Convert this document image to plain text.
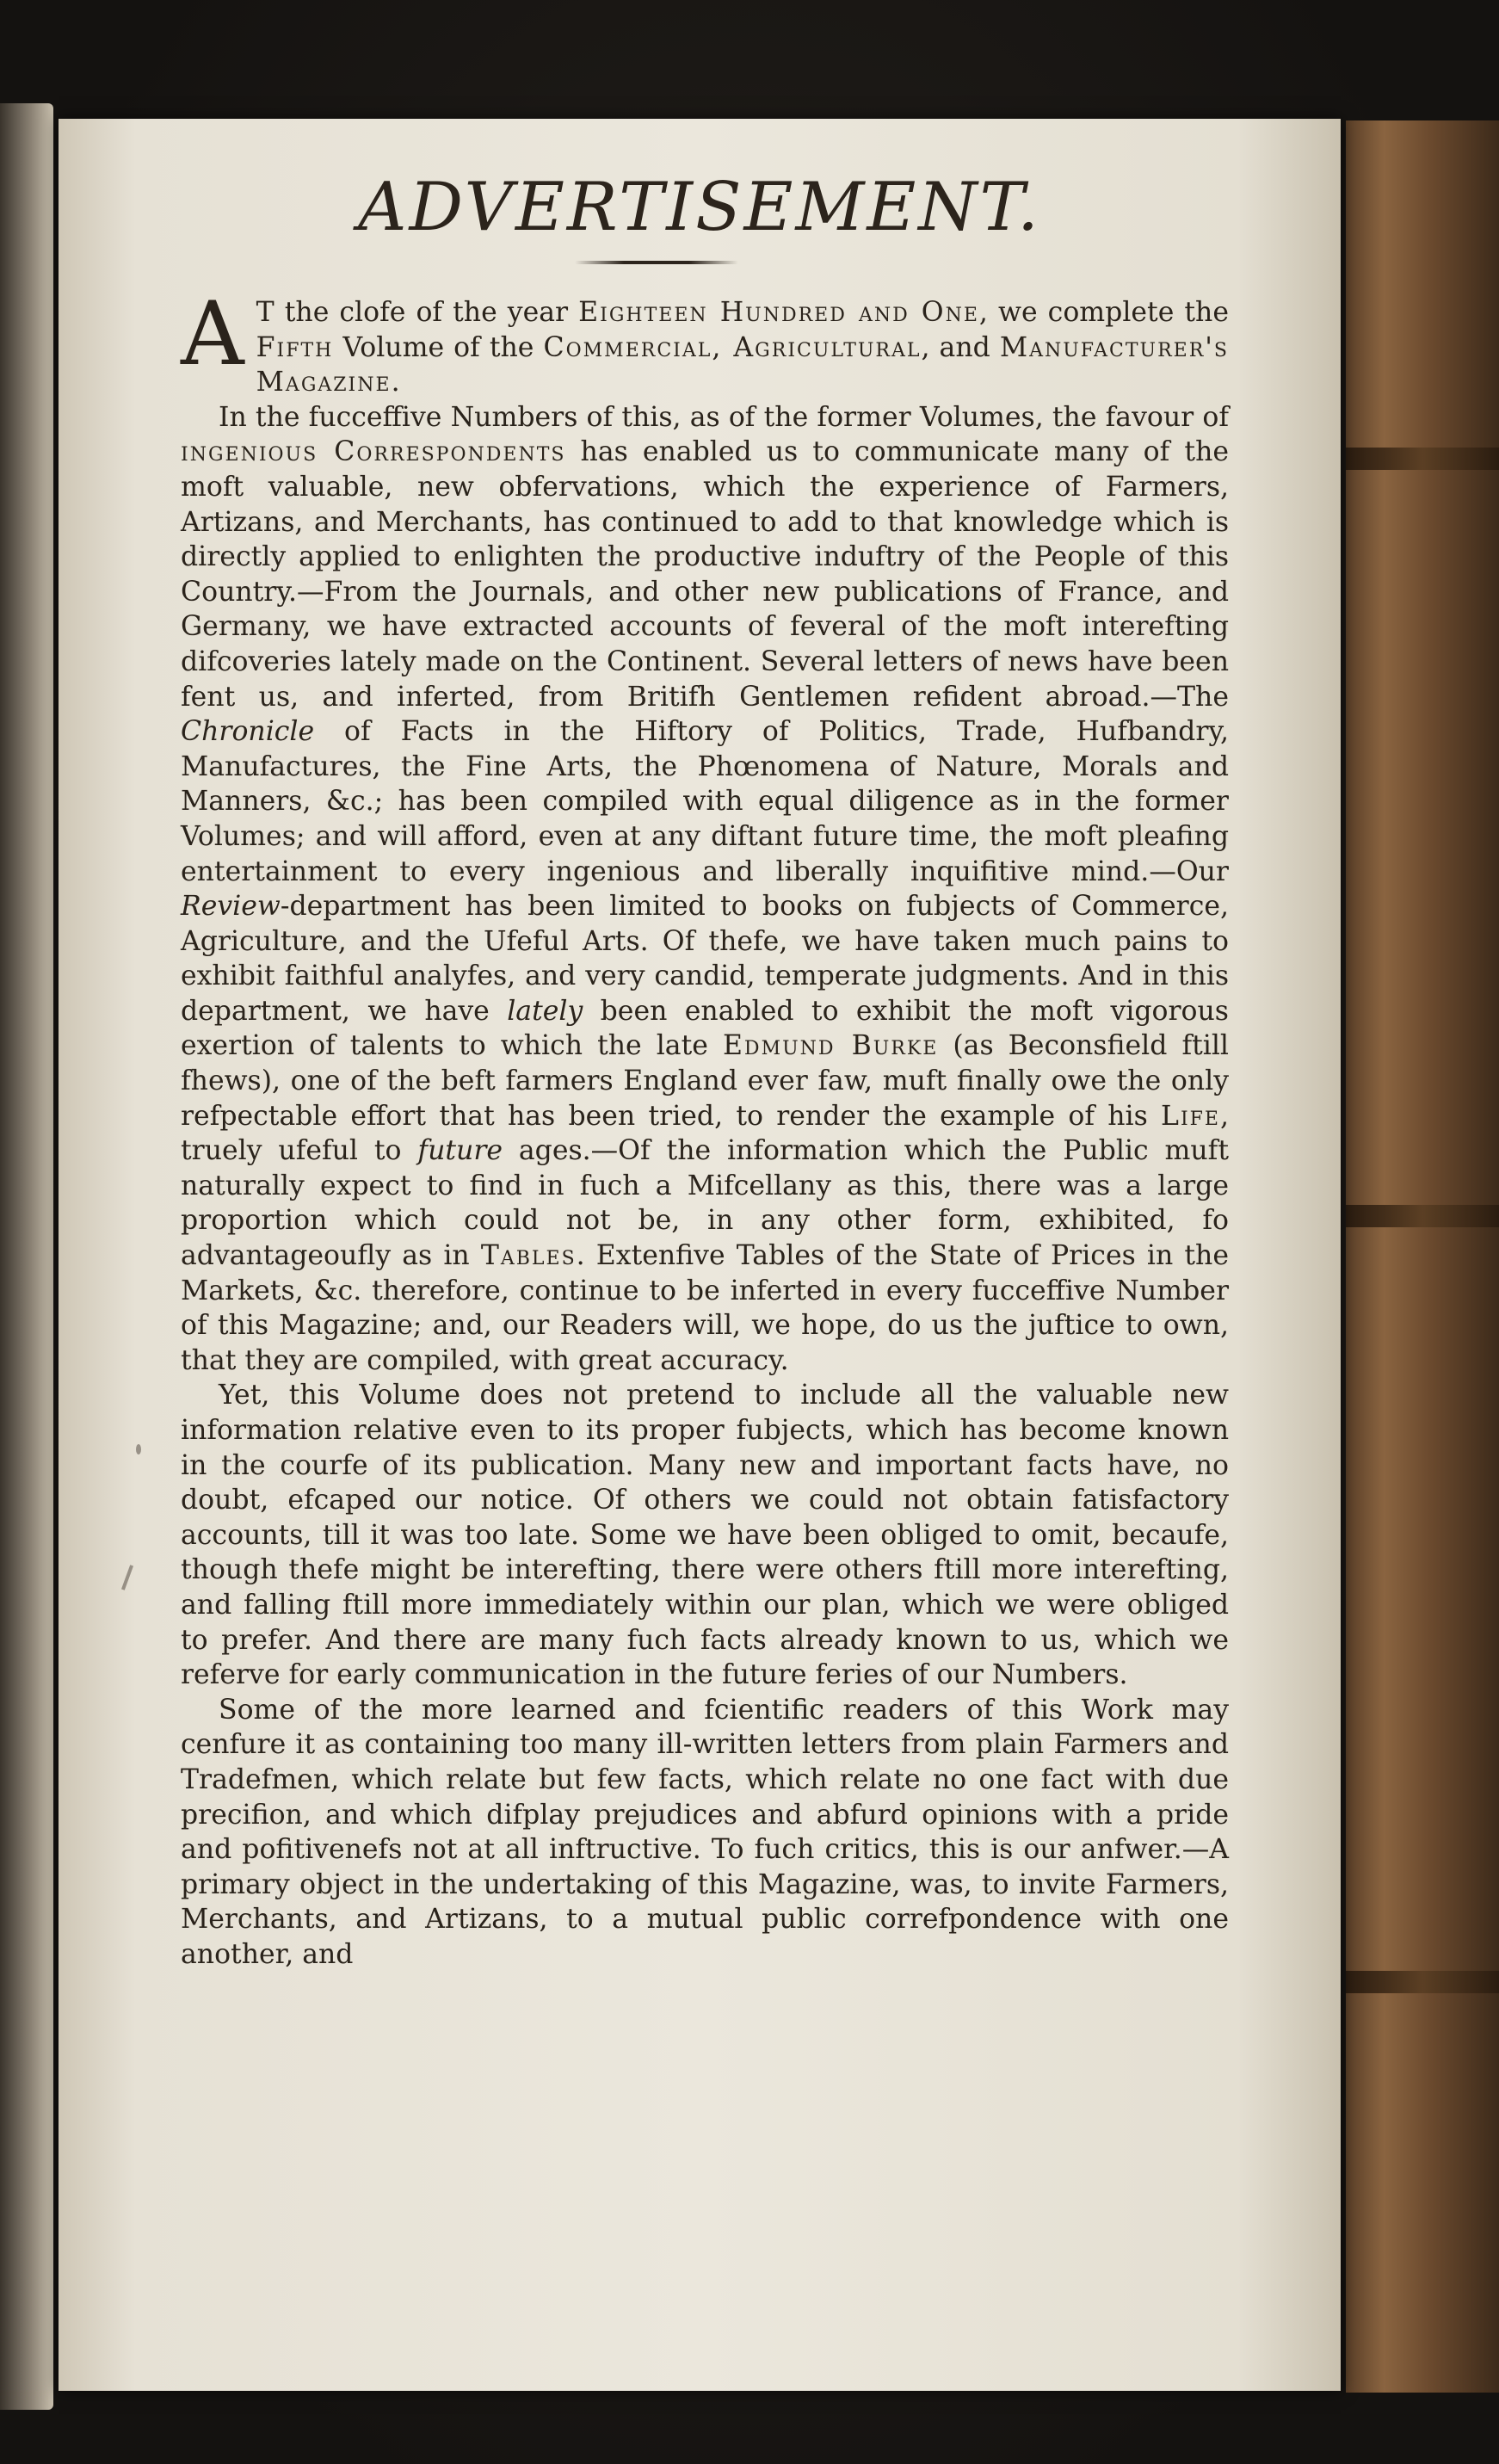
ADVERTISEMENT.

A T the clofe of the year Eighteen Hundred and One, we complete the Fifth Volume of the Commercial, Agricultural, and Manufacturer's Magazine.

In the fucceffive Numbers of this, as of the former Volumes, the favour of ingenious Correspondents has enabled us to communicate many of the moft valuable, new obfervations, which the experience of Farmers, Artizans, and Merchants, has continued to add to that knowledge which is directly applied to enlighten the productive induftry of the People of this Country.—From the Journals, and other new publications of France, and Germany, we have extracted accounts of feveral of the moft interefting difcoveries lately made on the Continent. Several letters of news have been fent us, and inferted, from Britifh Gentlemen refident abroad.—The Chronicle of Facts in the Hiftory of Politics, Trade, Hufbandry, Manufactures, the Fine Arts, the Phœnomena of Nature, Morals and Manners, &c.; has been compiled with equal diligence as in the former Volumes; and will afford, even at any diftant future time, the moft pleafing entertainment to every ingenious and liberally inquifitive mind.—Our Review-department has been limited to books on fubjects of Commerce, Agriculture, and the Ufeful Arts. Of thefe, we have taken much pains to exhibit faithful analyfes, and very candid, temperate judgments. And in this department, we have lately been enabled to exhibit the moft vigorous exertion of talents to which the late Edmund Burke (as Beconsfield ftill fhews), one of the beft farmers England ever faw, muft finally owe the only refpectable effort that has been tried, to render the example of his Life, truely ufeful to future ages.—Of the information which the Public muft naturally expect to find in fuch a Mifcellany as this, there was a large proportion which could not be, in any other form, exhibited, fo advantageoufly as in Tables. Extenfive Tables of the State of Prices in the Markets, &c. therefore, continue to be inferted in every fucceffive Number of this Magazine; and, our Readers will, we hope, do us the juftice to own, that they are compiled, with great accuracy.

Yet, this Volume does not pretend to include all the valuable new information relative even to its proper fubjects, which has become known in the courfe of its publication. Many new and important facts have, no doubt, efcaped our notice. Of others we could not obtain fatisfactory accounts, till it was too late. Some we have been obliged to omit, becaufe, though thefe might be interefting, there were others ftill more interefting, and falling ftill more immediately within our plan, which we were obliged to prefer. And there are many fuch facts already known to us, which we referve for early communication in the future feries of our Numbers.

Some of the more learned and fcientific readers of this Work may cenfure it as containing too many ill-written letters from plain Farmers and Tradefmen, which relate but few facts, which relate no one fact with due precifion, and which difplay prejudices and abfurd opinions with a pride and pofitivenefs not at all inftructive. To fuch critics, this is our anfwer.—A primary object in the undertaking of this Magazine, was, to invite Farmers, Merchants, and Artizans, to a mutual public correfpondence with one another, and
